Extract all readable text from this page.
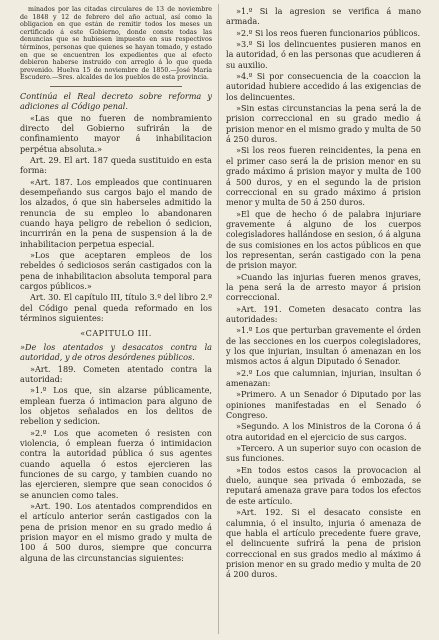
mínados por las citadas circulares de 13 de noviembre de 1848 y 12 de febrero del año actual, así como la obligacion en que están de remitir todos los meses un certificado á este Gobierno, donde conste todas las denuncias que se hubiesen impuesto en sus respectivos términos, personas que quienes se hayan tomado, y estado en que se encuentren los expedientes que al efecto debieron haberse instruido con arreglo á lo que queda prevenido. Huelva 15 de noviembre de 1850.—José María Escudero.—Sres. alcaldes de los pueblos de esta provincia.

Continúa el Real decreto sobre reforma y adiciones al Código penal.

«Las que no fueren de nombramiento directo del Gobierno sufrirán la de confinamiento mayor á inhabilitacion perpétua absoluta.»

Art. 29. El art. 187 queda sustituido en esta forma:

«Art. 187. Los empleados que continuaren desempeñando sus cargos bajo el mando de los alzados, ó que sin haberseles admitido la renuncia de su empleo lo abandonaren cuando haya peligro de rebelion ó sedicion, incurrirán en la pena de suspension á la de inhabilitacion perpetua especial.

»Los que aceptaren empleos de los rebeldes ó sediciosos serán castigados con la pena de inhabilitacion absoluta temporal para cargos públicos.»

Art. 30. El capítulo III, título 3.º del libro 2.º del Código penal queda reformado en los términos siguientes:

«CAPITULO III.

»De los atentados y desacatos contra la autoridad, y de otros desórdenes públicos.

»Art. 189. Cometen atentado contra la autoridad:

»1.º Los que, sin alzarse públicamente, emplean fuerza ó intimacion para alguno de los objetos señalados en los delitos de rebelion y sedicion.

»2.º Los que acometen ó resisten con violencia, ó emplean fuerza ó intimidacion contra la autoridad pública ó sus agentes cuando aquella ó estos ejercieren las funciones de su cargo, y tambien cuando no las ejercieren, siempre que sean conocidos ó se anuncien como tales.

»Art. 190. Los atentados comprendidos en el artículo anterior serán castigados con la pena de prision menor en su grado medio á prision mayor en el mismo grado y multa de 100 á 500 duros, siempre que concurra alguna de las circunstancias siguientes:

»1.º Si la agresion se verifica á mano armada.

»2.º Si los reos fueren funcionarios públicos.

»3.º Si los delincuentes pusieren manos en la autoridad, ó en las personas que acudieren á su auxilio.

»4.º Si por consecuencia de la coaccion la autoridad hubiere accedido á las exigencias de los delincuentes.

»Sin estas circunstancias la pena será la de prision correccional en su grado medio á prision menor en el mismo grado y multa de 50 á 250 duros.

»Si los reos fueren reincidentes, la pena en el primer caso será la de prision menor en su grado máximo á prision mayor y multa de 100 á 500 duros, y en el segundo la de prision correccional en su grado máximo á prision menor y multa de 50 á 250 duros.

»El que de hecho ó de palabra injuriare gravemente á alguno de los cuerpos colegisladores hallándose en sesion, ó á alguna de sus comisiones en los actos públicos en que los representan, serán castigado con la pena de prision mayor.

»Cuando las injurias fueren menos graves, la pena será la de arresto mayor á prision correccional.

»Art. 191. Cometen desacato contra las autoridades:

»1.º Los que perturban gravemente el órden de las secciones en los cuerpos colegisladores, y los que injurian, insultan ó amenazan en los mismos actos á algun Diputado ó Senador.

»2.º Los que calumnian, injurian, insultan ó amenazan:

»Primero. A un Senador ó Diputado por las opiniones manifestadas en el Senado ó Congreso.

»Segundo. A los Ministros de la Corona ó á otra autoridad en el ejercicio de sus cargos.

»Tercero. A un superior suyo con ocasion de sus funciones.

»En todos estos casos la provocacion al duelo, aunque sea privada ó embozada, se reputará amenaza grave para todos los efectos de este artículo.

»Art. 192. Si el desacato consiste en calumnia, ó el insulto, injuria ó amenaza de que habla el artículo precedente fuere grave, el delincuente sufrirá la pena de prision correccional en sus grados medio al máximo á prision menor en su grado medio y multa de 20 á 200 duros.
